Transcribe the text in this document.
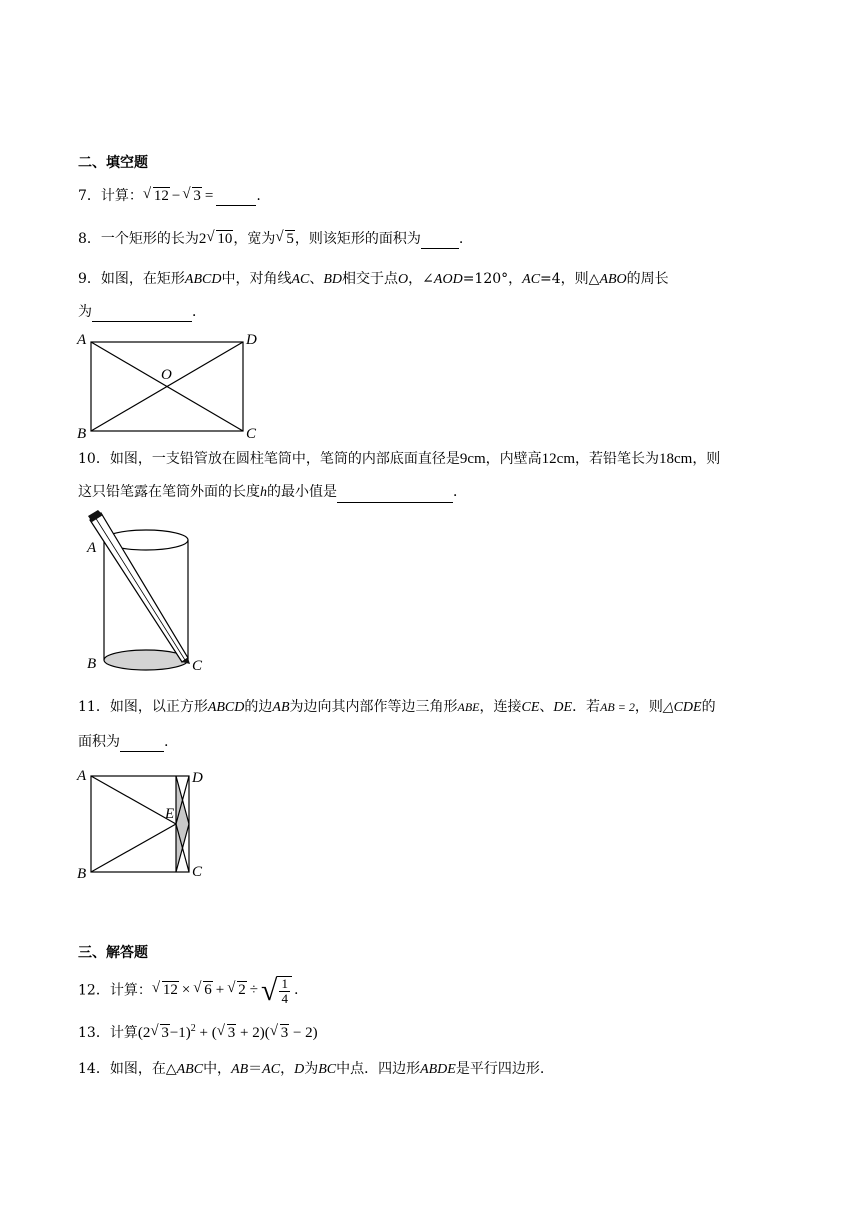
二、填空题
7．计算： √ 12 − √ 3 =	.
8．一个矩形的长为2 √ 10，宽为 √ 5，则该矩形的面积为	.
9．如图，在矩形ABCD中，对角线AC、BD相交于点O，∠AOD=120°，AC=4，则△ABO的周长
为	．
A	D
B	C
O
10．如图，一支铅管放在圆柱笔筒中，笔筒的内部底面直径是9cm，内壁高12cm，若铅笔长为18cm，则
这只铅笔露在笔筒外面的长度h的最小值是	．
A
B	C
11．如图，以正方形ABCD的边AB为边向其内部作等边三角形ABE，连接CE、DE．若AB = 2，则△CDE的
面积为	.
A	D
B	C
E
三、解答题
12．计算： √ 12 × √ 6 + √ 2 ÷ √ $\frac{1}{4}$ .
13．计算(2 √ 3−1)$^2$ + ( √ 3 + 2)( √ 3 − 2)
14．如图，在△ABC中，AB＝AC，D为BC中点．四边形ABDE是平行四边形.
